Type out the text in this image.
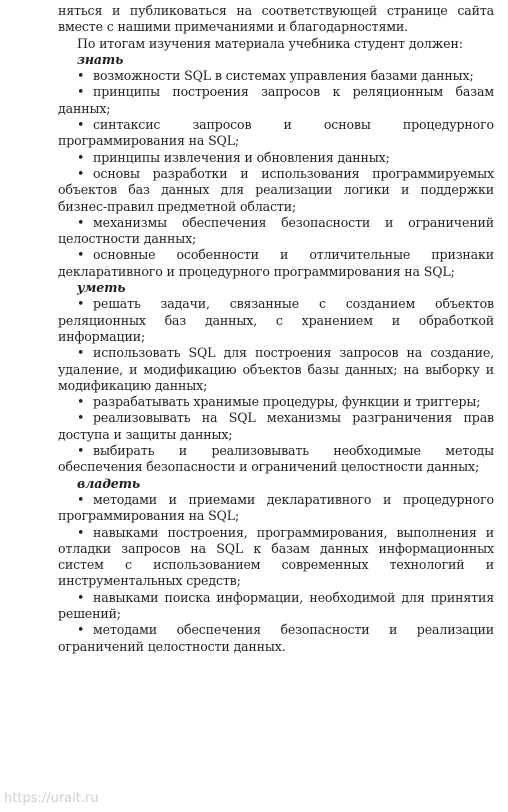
няться и публиковаться на соответствующей странице сайта вместе с нашими примечаниями и благодарностями.

По итогам изучения материала учебника студент должен:

знать

• возможности SQL в системах управления базами данных;

• принципы построения запросов к реляционным базам данных;

• синтаксис запросов и основы процедурного программирования на SQL;

• принципы извлечения и обновления данных;

• основы разработки и использования программируемых объектов баз данных для реализации логики и поддержки бизнес-правил предметной области;

• механизмы обеспечения безопасности и ограничений целостности данных;

• основные особенности и отличительные признаки декларативного и процедурного программирования на SQL;

уметь

• решать задачи, связанные с созданием объектов реляционных баз данных, с хранением и обработкой информации;

• использовать SQL для построения запросов на создание, удаление, и модификацию объектов базы данных; на выборку и модификацию данных;

• разрабатывать хранимые процедуры, функции и триггеры;

• реализовывать на SQL механизмы разграничения прав доступа и защиты данных;

• выбирать и реализовывать необходимые методы обеспечения безопасности и ограничений целостности данных;

владеть

• методами и приемами декларативного и процедурного программирования на SQL;

• навыками построения, программирования, выполнения и отладки запросов на SQL к базам данных информационных систем с использованием современных технологий и инструментальных средств;

• навыками поиска информации, необходимой для принятия решений;

• методами обеспечения безопасности и реализации ограничений целостности данных.

https://urait.ru
